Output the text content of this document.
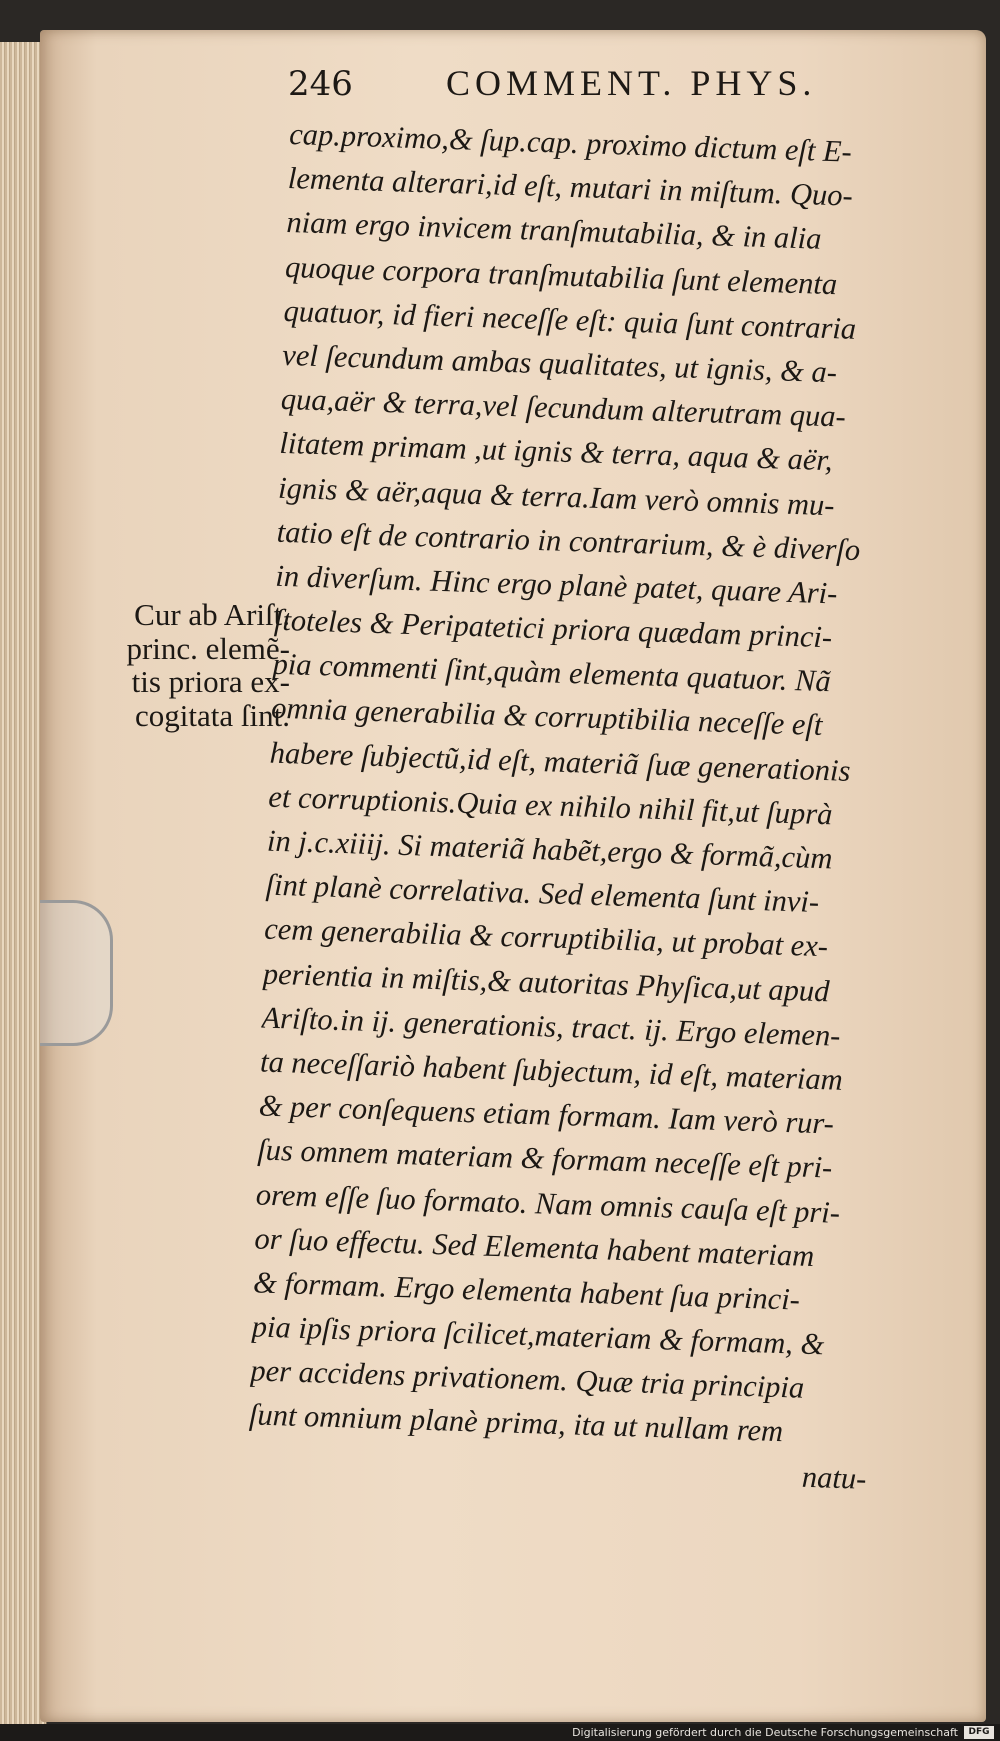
246	COMMENT. PHYS.
Cur ab Ariſt.
princ. elemẽ-
tis priora ex-
cogitata ſint.
cap.proximo,& ſup.cap. proximo dictum eſt E-
lementa alterari,id eſt, mutari in miſtum. Quo-
niam ergo invicem tranſmutabilia, & in alia
quoque corpora tranſmutabilia ſunt elementa
quatuor, id fieri neceſſe eſt: quia ſunt contraria
vel ſecundum ambas qualitates, ut ignis, & a-
qua,aër & terra,vel ſecundum alterutram qua-
litatem primam ,ut ignis & terra, aqua & aër,
ignis & aër,aqua & terra.Iam verò omnis mu-
tatio eſt de contrario in contrarium, & è diverſo
in diverſum. Hinc ergo planè patet, quare Ari-
ſtoteles & Peripatetici priora quædam princi-
pia commenti ſint,quàm elementa quatuor. Nã
omnia generabilia & corruptibilia neceſſe eſt
habere ſubjectũ,id eſt, materiã ſuæ generationis
et corruptionis.Quia ex nihilo nihil fit,ut ſuprà
in j.c.xiiij. Si materiã habẽt,ergo & formã,cùm
ſint planè correlativa. Sed elementa ſunt invi-
cem generabilia & corruptibilia, ut probat ex-
perientia in miſtis,& autoritas Phyſica,ut apud
Ariſto.in ij. generationis, tract. ij. Ergo elemen-
ta neceſſariò habent ſubjectum, id eſt, materiam
& per conſequens etiam formam. Iam verò rur-
ſus omnem materiam & formam neceſſe eſt pri-
orem eſſe ſuo formato. Nam omnis cauſa eſt pri-
or ſuo effectu. Sed Elementa habent materiam
& formam. Ergo elementa habent ſua princi-
pia ipſis priora ſcilicet,materiam & formam, &
per accidens privationem. Quæ tria principia
ſunt omnium planè prima, ita ut nullam rem
natu-
Digitalisierung gefördert durch die Deutsche Forschungsgemeinschaft	DFG
